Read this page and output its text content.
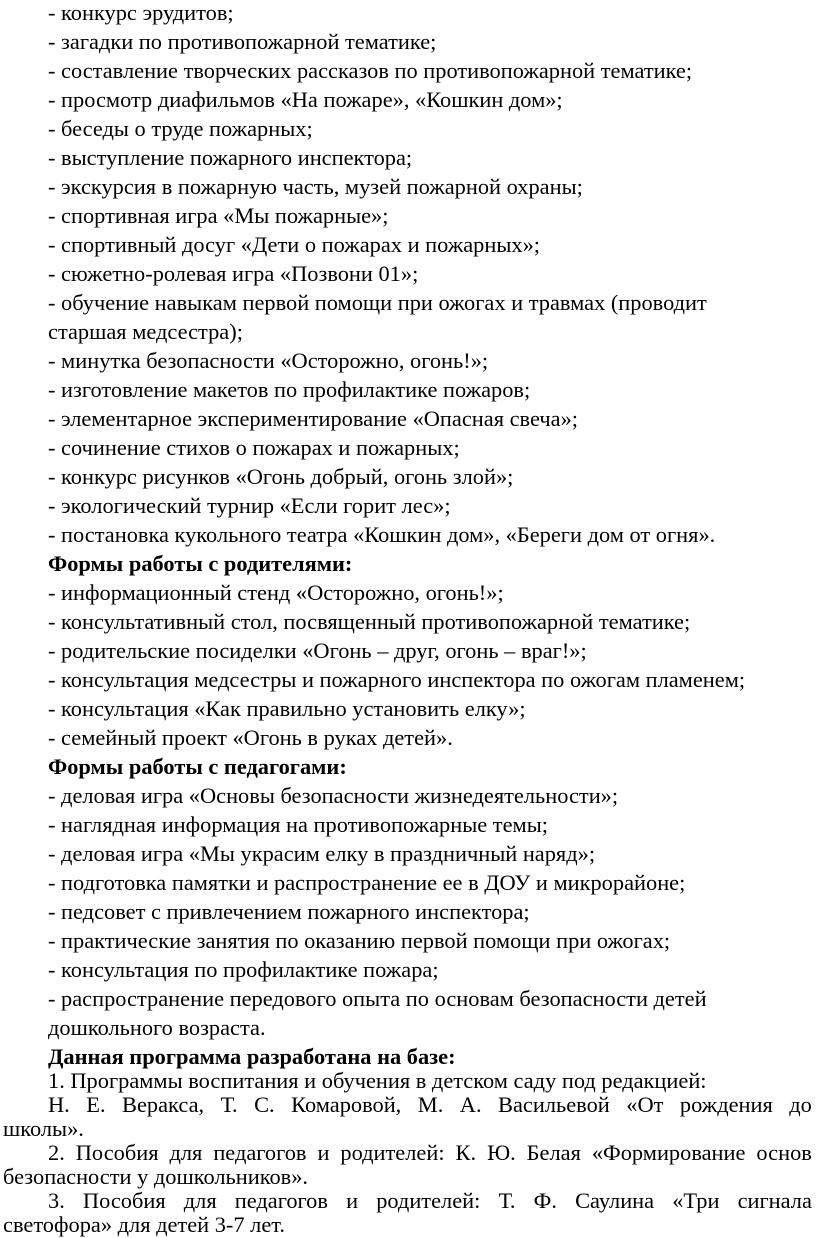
- конкурс эрудитов;
- загадки по противопожарной тематике;
- составление творческих рассказов по противопожарной тематике;
- просмотр диафильмов «На пожаре», «Кошкин дом»;
- беседы о труде пожарных;
- выступление пожарного инспектора;
- экскурсия в пожарную часть, музей пожарной охраны;
- спортивная игра «Мы пожарные»;
- спортивный досуг «Дети о пожарах и пожарных»;
- сюжетно-ролевая игра «Позвони 01»;
- обучение навыкам первой помощи при ожогах и травмах (проводит
старшая медсестра);
- минутка безопасности «Осторожно, огонь!»;
- изготовление макетов по профилактике пожаров;
- элементарное экспериментирование «Опасная свеча»;
- сочинение стихов о пожарах и пожарных;
- конкурс рисунков «Огонь добрый, огонь злой»;
- экологический турнир «Если горит лес»;
- постановка кукольного театра «Кошкин дом», «Береги дом от огня».
Формы работы с родителями:
- информационный стенд «Осторожно, огонь!»;
- консультативный стол, посвященный противопожарной тематике;
- родительские посиделки «Огонь – друг, огонь – враг!»;
- консультация медсестры и пожарного инспектора по ожогам пламенем;
- консультация «Как правильно установить елку»;
- семейный проект «Огонь в руках детей».
Формы работы с педагогами:
- деловая игра «Основы безопасности жизнедеятельности»;
- наглядная информация на противопожарные темы;
- деловая игра «Мы украсим елку в праздничный наряд»;
- подготовка памятки и распространение ее в ДОУ и микрорайоне;
- педсовет с привлечением пожарного инспектора;
- практические занятия по оказанию первой помощи при ожогах;
- консультация по профилактике пожара;
- распространение передового опыта по основам безопасности детей
дошкольного возраста.
Данная программа разработана на базе:
1. Программы воспитания и обучения в детском саду под редакцией:
Н. Е. Веракса, Т. С. Комаровой, М. А. Васильевой «От рождения до
школы».
2. Пособия для педагогов и родителей: К. Ю. Белая «Формирование основ
безопасности у дошкольников».
3. Пособия для педагогов и родителей: Т. Ф. Саулина «Три сигнала
светофора» для детей 3-7 лет.
